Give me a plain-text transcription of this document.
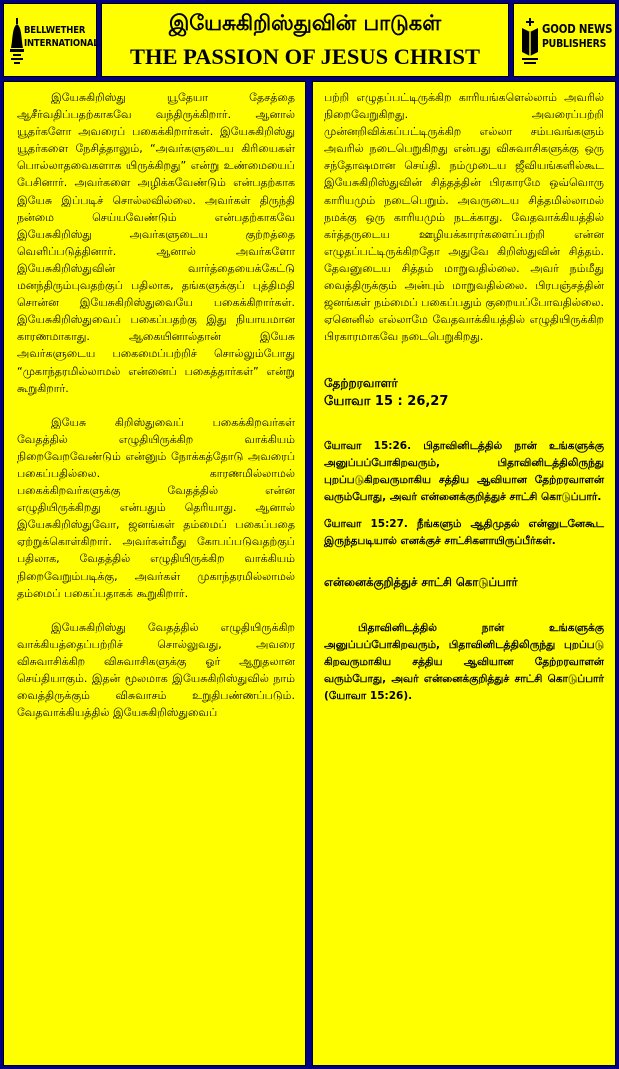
BELLWETHER
INTERNATIONAL
இயேசுகிறிஸ்துவின் பாடுகள்
THE PASSION OF JESUS CHRIST
GOOD NEWS
PUBLISHERS

இயேசுகிறிஸ்து யூதேயா தேசத்தை ஆசீர்வதிப்பதற்காகவே வந்திருக்கிறார். ஆனால் யூதர்களோ அவரைப் பகைக்கிறார்கள். இயேசுகிறிஸ்து யூதர்களை நேசித்தாலும், “அவர்களுடைய கிரியைகள் பொல்லாதவைகளாக யிருக்கிறது” என்று உண்மையைப் பேசினார். அவர்களை அழிக்கவேண்டும் என்பதற்காக இயேசு இப்படிச் சொல்லவில்லை. அவர்கள் திருந்தி நன்மை செய்யவேண்டும் என்பதற்காகவே இயேசுகிறிஸ்து அவர்களுடைய குற்றத்தை வெளிப்படுத்தினார். ஆனால் அவர்களோ இயேசுகிறிஸ்துவின் வார்த்தையைக்கேட்டு மனந்திரும்புவதற்குப் பதிலாக, தங்களுக்குப் புத்திமதி சொன்ன இயேசுகிறிஸ்துவையே பகைக்கிறார்கள். இயேசுகிறிஸ்துவைப் பகைப்பதற்கு இது நியாயமான காரணமாகாது. ஆகையினால்தான் இயேசு அவர்களுடைய பகைமைப்பற்றிச் சொல்லும்போது “முகாந்தரமில்லாமல் என்னைப் பகைத்தார்கள்” என்று கூறுகிறார்.

இயேசு கிறிஸ்துவைப் பகைக்கிறவர்கள் வேதத்தில் எழுதியிருக்கிற வாக்கியம் நிறைவேறவேண்டும் என்னும் நோக்கத்தோடு அவரைப் பகைப்பதில்லை. காரணமில்லாமல் பகைக்கிறவர்களுக்கு வேதத்தில் என்ன எழுதியிருக்கிறது என்பதும் தெரியாது. ஆனால் இயேசுகிறிஸ்துவோ, ஜனங்கள் தம்மைப் பகைப்பதை ஏற்றுக்கொள்கிறார். அவர்கள்மீது கோபப்படுவதற்குப் பதிலாக, வேதத்தில் எழுதியிருக்கிற வாக்கியம் நிறைவேறும்படிக்கு, அவர்கள் முகாந்தரமில்லாமல் தம்மைப் பகைப்பதாகக் கூறுகிறார்.

இயேசுகிறிஸ்து வேதத்தில் எழுதியிருக்கிற வாக்கியத்தைப்பற்றிச் சொல்லுவது, அவரை விசுவாசிக்கிற விசுவாசிகளுக்கு ஓர் ஆறுதலான செய்தியாகும். இதன் மூலமாக இயேசுகிறிஸ்துவில் நாம் வைத்திருக்கும் விசுவாசம் உறுதிபண்ணப்படும். வேதவாக்கியத்தில் இயேசுகிறிஸ்துவைப்

பற்றி எழுதப்பட்டிருக்கிற காரியங்களெல்லாம் அவரில் நிறைவேறுகிறது. அவரைப்பற்றி முன்னறிவிக்கப்பட்டிருக்கிற எல்லா சம்பவங்களும் அவரில் நடைபெறுகிறது என்பது விசுவாசிகளுக்கு ஒரு சந்தோஷமான செய்தி. நம்முடைய ஜீவியங்களில்கூட இயேசுகிறிஸ்துவின் சித்தத்தின் பிரகாரமே ஒவ்வொரு காரியமும் நடைபெறும். அவருடைய சித்தமில்லாமல் நமக்கு ஒரு காரியமும் நடக்காது. வேதவாக்கியத்தில் கர்த்தருடைய ஊழியக்காரர்களைப்பற்றி என்ன எழுதப்பட்டிருக்கிறதோ அதுவே கிறிஸ்துவின் சித்தம். தேவனுடைய சித்தம் மாறுவதில்லை. அவர் நம்மீது வைத்திருக்கும் அன்பும் மாறுவதில்லை. பிரபஞ்சத்தின் ஜனங்கள் நம்மைப் பகைப்பதும் குறையப்போவதில்லை. ஏனெனில் எல்லாமே வேதவாக்கியத்தில் எழுதியிருக்கிற பிரகாரமாகவே நடைபெறுகிறது.

தேற்றரவாளர்

யோவா 15 : 26,27

யோவா 15:26. பிதாவினிடத்தில் நான் உங்களுக்கு அனுப்பப்போகிறவரும், பிதாவினிடத்திலிருந்து புறப்படுகிறவருமாகிய சத்திய ஆவியான தேற்றரவாளன் வரும்போது, அவர் என்னைக்குறித்துச் சாட்சி கொடுப்பார்.

யோவா 15:27. நீங்களும் ஆதிமுதல் என்னுடனேகூட இருந்தபடியால் எனக்குச் சாட்சிகளாயிருப்பீர்கள்.

என்னைக்குறித்துச் சாட்சி கொடுப்பார்

பிதாவினிடத்தில் நான் உங்களுக்கு அனுப்பப்போகிறவரும், பிதாவினிடத்திலிருந்து புறப்படு கிறவருமாகிய சத்திய ஆவியான தேற்றரவாளன் வரும்போது, அவர் என்னைக்குறித்துச் சாட்சி கொடுப்பார் (யோவா 15:26).
